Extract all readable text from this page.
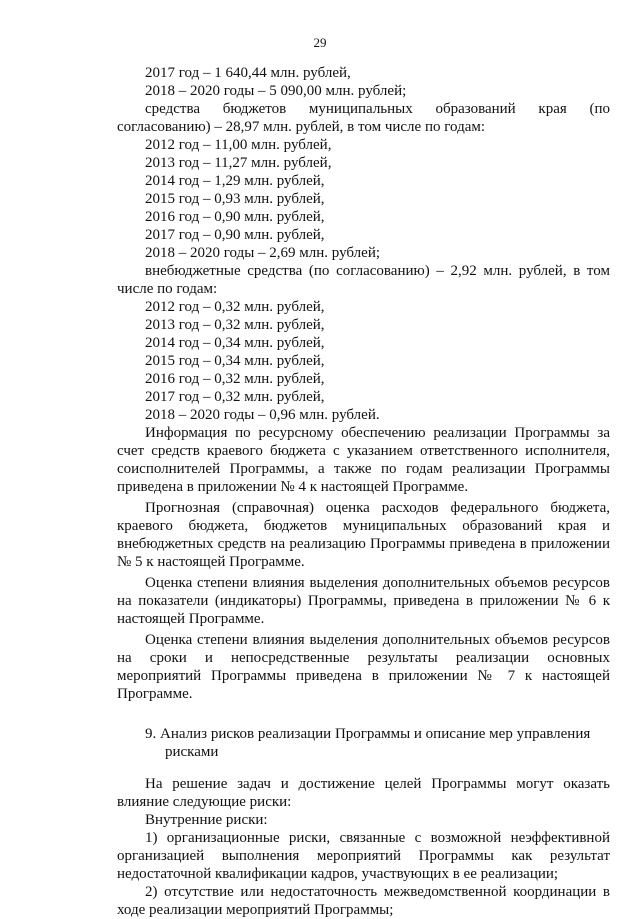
29
2017 год – 1 640,44 млн. рублей,
2018 – 2020 годы – 5 090,00 млн. рублей;
средства бюджетов муниципальных образований края (по согласованию) – 28,97 млн. рублей, в том числе по годам:
2012 год – 11,00 млн. рублей,
2013 год – 11,27 млн. рублей,
2014 год – 1,29 млн. рублей,
2015 год – 0,93 млн. рублей,
2016 год – 0,90 млн. рублей,
2017 год – 0,90 млн. рублей,
2018 – 2020 годы – 2,69 млн. рублей;
внебюджетные средства (по согласованию) – 2,92 млн. рублей, в том числе по годам:
2012 год – 0,32 млн. рублей,
2013 год – 0,32 млн. рублей,
2014 год – 0,34 млн. рублей,
2015 год – 0,34 млн. рублей,
2016 год – 0,32 млн. рублей,
2017 год – 0,32 млн. рублей,
2018 – 2020 годы – 0,96 млн. рублей.
Информация по ресурсному обеспечению реализации Программы за счет средств краевого бюджета с указанием ответственного исполнителя, соисполнителей Программы, а также по годам реализации Программы приведена в приложении № 4 к настоящей Программе.
Прогнозная (справочная) оценка расходов федерального бюджета, краевого бюджета, бюджетов муниципальных образований края и внебюджетных средств на реализацию Программы приведена в приложении № 5 к настоящей Программе.
Оценка степени влияния выделения дополнительных объемов ресурсов на показатели (индикаторы) Программы, приведена в приложении № 6 к настоящей Программе.
Оценка степени влияния выделения дополнительных объемов ресурсов на сроки и непосредственные результаты реализации основных мероприятий Программы приведена в приложении № 7 к настоящей Программе.
9. Анализ рисков реализации Программы и описание мер управления
рисками
На решение задач и достижение целей Программы могут оказать влияние следующие риски:
Внутренние риски:
1) организационные риски, связанные с возможной неэффективной организацией выполнения мероприятий Программы как результат недостаточной квалификации кадров, участвующих в ее реализации;
2) отсутствие или недостаточность межведомственной координации в ходе реализации мероприятий Программы;
